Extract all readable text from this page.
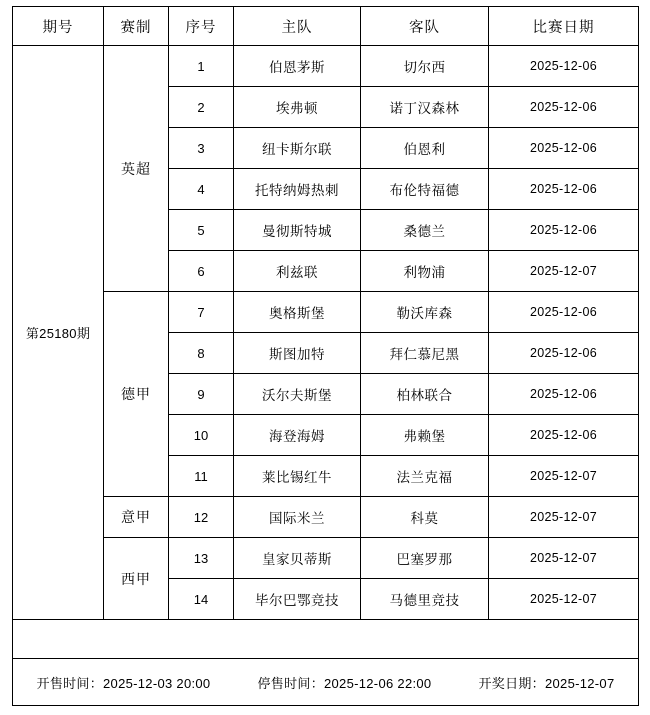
期号	赛制	序号	主队	客队	比赛日期
第25180期	英超	1	伯恩茅斯	切尔西	2025-12-06
		2	埃弗顿	诺丁汉森林	2025-12-06
		3	纽卡斯尔联	伯恩利	2025-12-06
		4	托特纳姆热刺	布伦特福德	2025-12-06
		5	曼彻斯特城	桑德兰	2025-12-06
		6	利兹联	利物浦	2025-12-07
	德甲	7	奥格斯堡	勒沃库森	2025-12-06
		8	斯图加特	拜仁慕尼黑	2025-12-06
		9	沃尔夫斯堡	柏林联合	2025-12-06
		10	海登海姆	弗赖堡	2025-12-06
		11	莱比锡红牛	法兰克福	2025-12-07
	意甲	12	国际米兰	科莫	2025-12-07
	西甲	13	皇家贝蒂斯	巴塞罗那	2025-12-07
		14	毕尔巴鄂竞技	马德里竞技	2025-12-07

开售时间：2025-12-03 20:00 停售时间：2025-12-06 22:00 开奖日期：2025-12-07					
